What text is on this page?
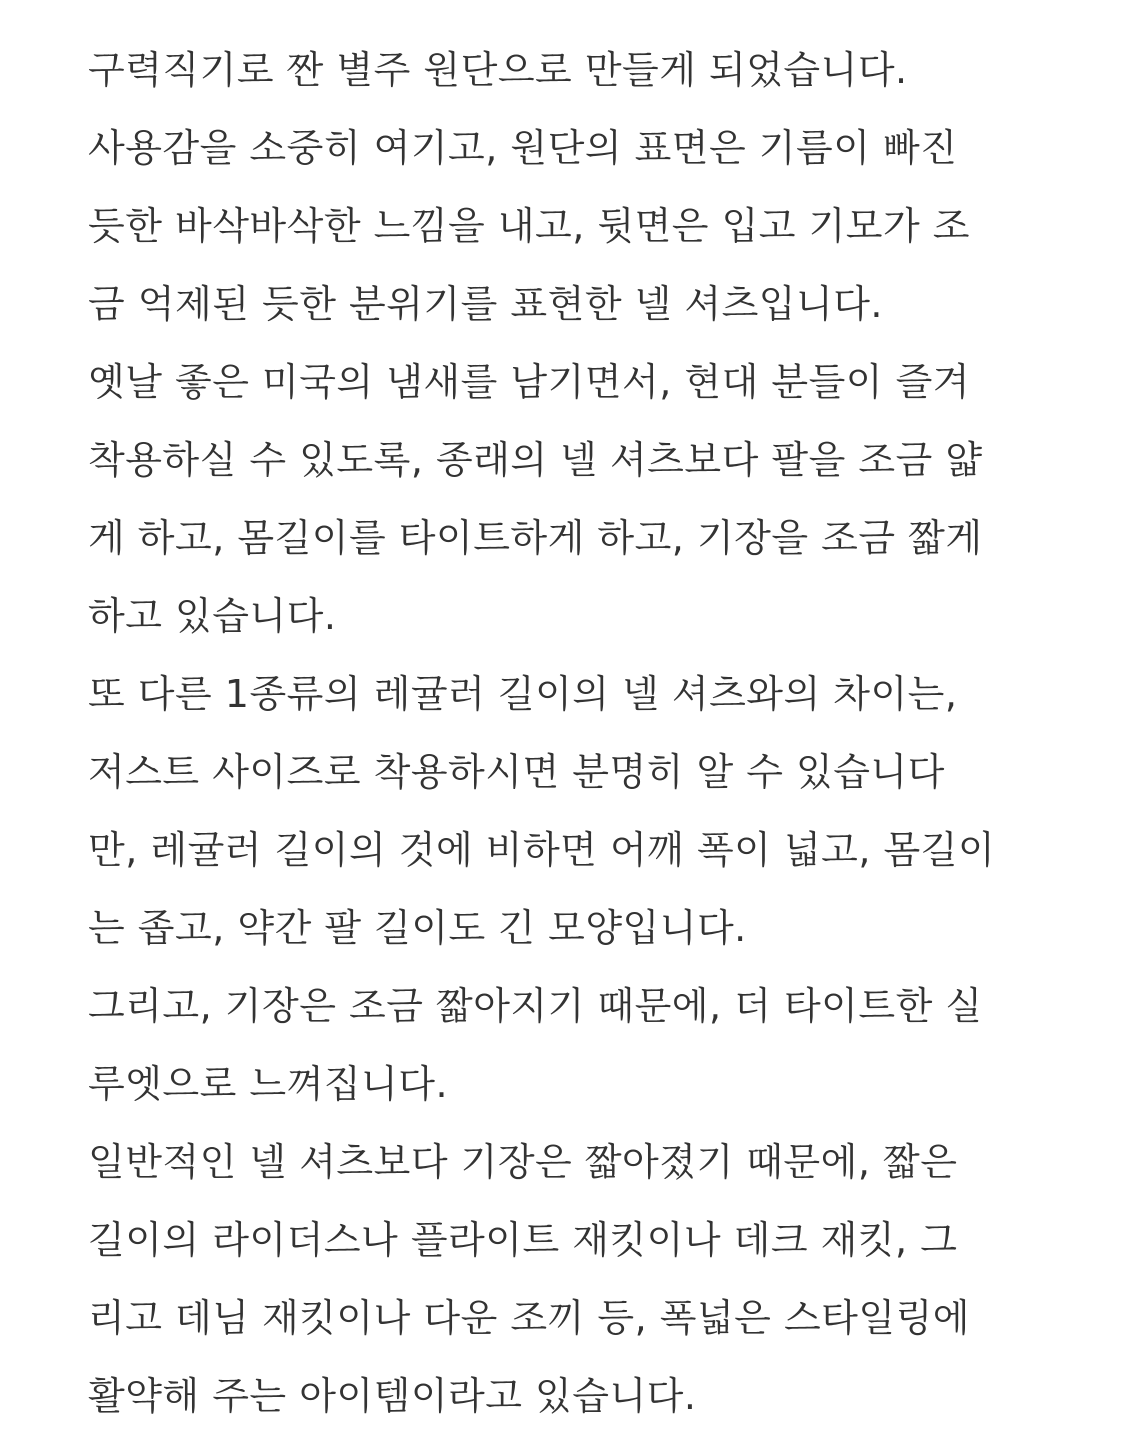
구력직기로 짠 별주 원단으로 만들게 되었습니다.
사용감을 소중히 여기고, 원단의 표면은 기름이 빠진
듯한 바삭바삭한 느낌을 내고, 뒷면은 입고 기모가 조
금 억제된 듯한 분위기를 표현한 넬 셔츠입니다.
옛날 좋은 미국의 냄새를 남기면서, 현대 분들이 즐겨
착용하실 수 있도록, 종래의 넬 셔츠보다 팔을 조금 얇
게 하고, 몸길이를 타이트하게 하고, 기장을 조금 짧게
하고 있습니다.
또 다른 1종류의 레귤러 길이의 넬 셔츠와의 차이는,
저스트 사이즈로 착용하시면 분명히 알 수 있습니다
만, 레귤러 길이의 것에 비하면 어깨 폭이 넓고, 몸길이
는 좁고, 약간 팔 길이도 긴 모양입니다.
그리고, 기장은 조금 짧아지기 때문에, 더 타이트한 실
루엣으로 느껴집니다.
일반적인 넬 셔츠보다 기장은 짧아졌기 때문에, 짧은
길이의 라이더스나 플라이트 재킷이나 데크 재킷, 그
리고 데님 재킷이나 다운 조끼 등, 폭넓은 스타일링에
활약해 주는 아이템이라고 있습니다.
